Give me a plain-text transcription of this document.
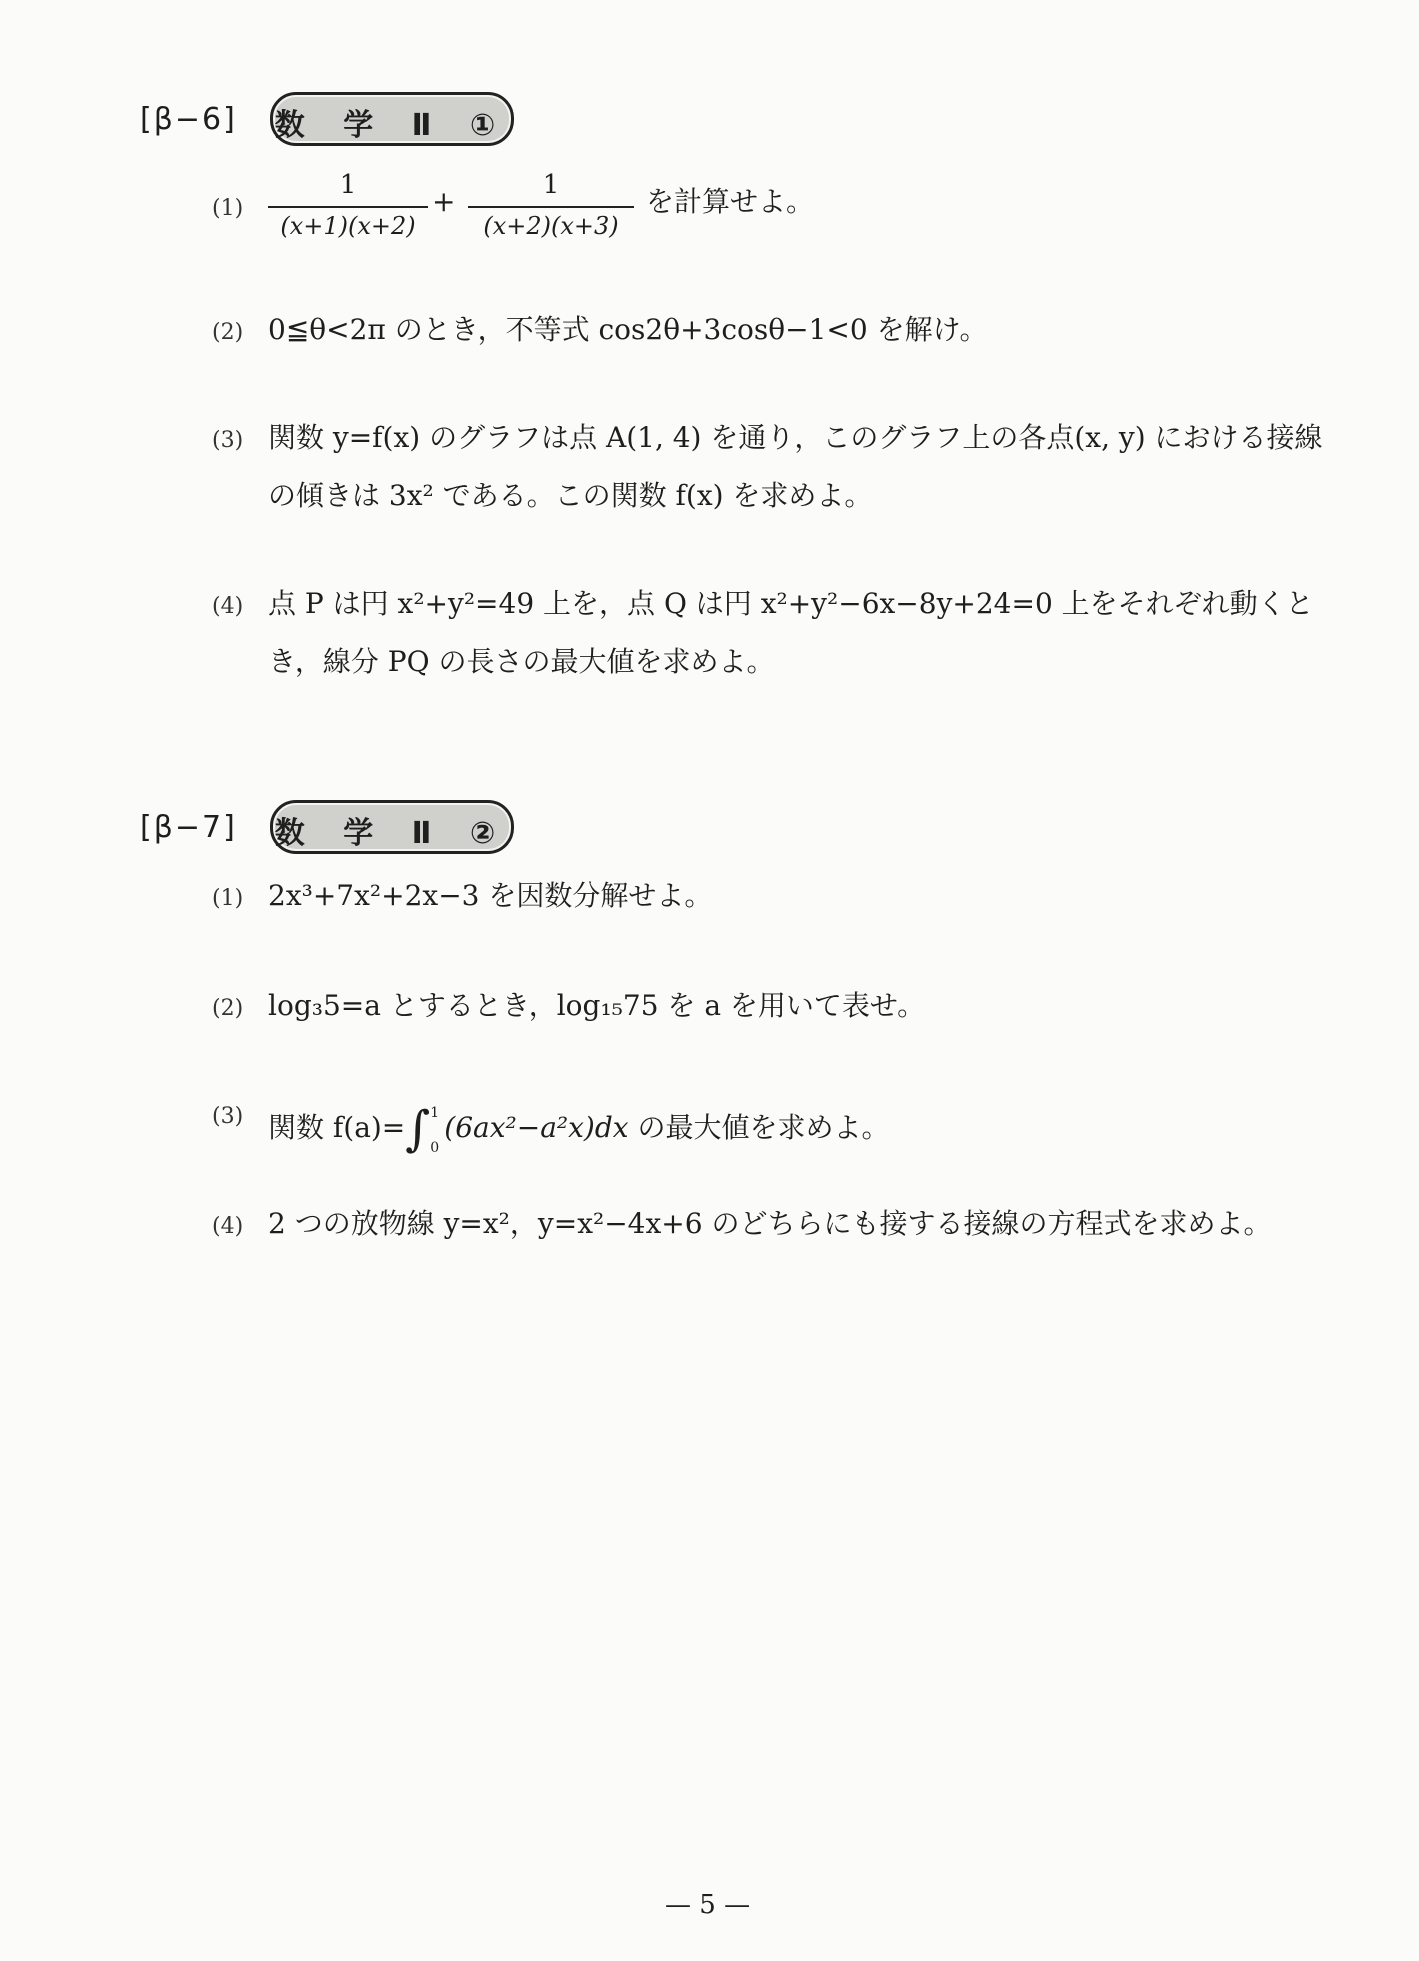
[β−6] 数 学 Ⅱ ①
(1)
1
(x+1)(x+2)
+	1
(x+2)(x+3)
を計算せよ。
(2) 0≦θ<2π のとき，不等式 cos2θ+3cosθ−1<0 を解け。
(3) 関数 y=f(x) のグラフは点 A(1, 4) を通り，このグラフ上の各点(x, y) における接線
の傾きは 3x² である。この関数 f(x) を求めよ。
(4) 点 P は円 x²+y²=49 上を，点 Q は円 x²+y²−6x−8y+24=0 上をそれぞれ動くと
き，線分 PQ の長さの最大値を求めよ。
[β−7] 数 学 Ⅱ ②
(1) 2x³+7x²+2x−3 を因数分解せよ。
(2) log₃5=a とするとき，log₁₅75 を a を用いて表せ。
(3) 関数 f(a)=∫ 1
0
(6ax²−a²x)dx の最大値を求めよ。
(4) 2 つの放物線 y=x²，y=x²−4x+6 のどちらにも接する接線の方程式を求めよ。
— 5 —
